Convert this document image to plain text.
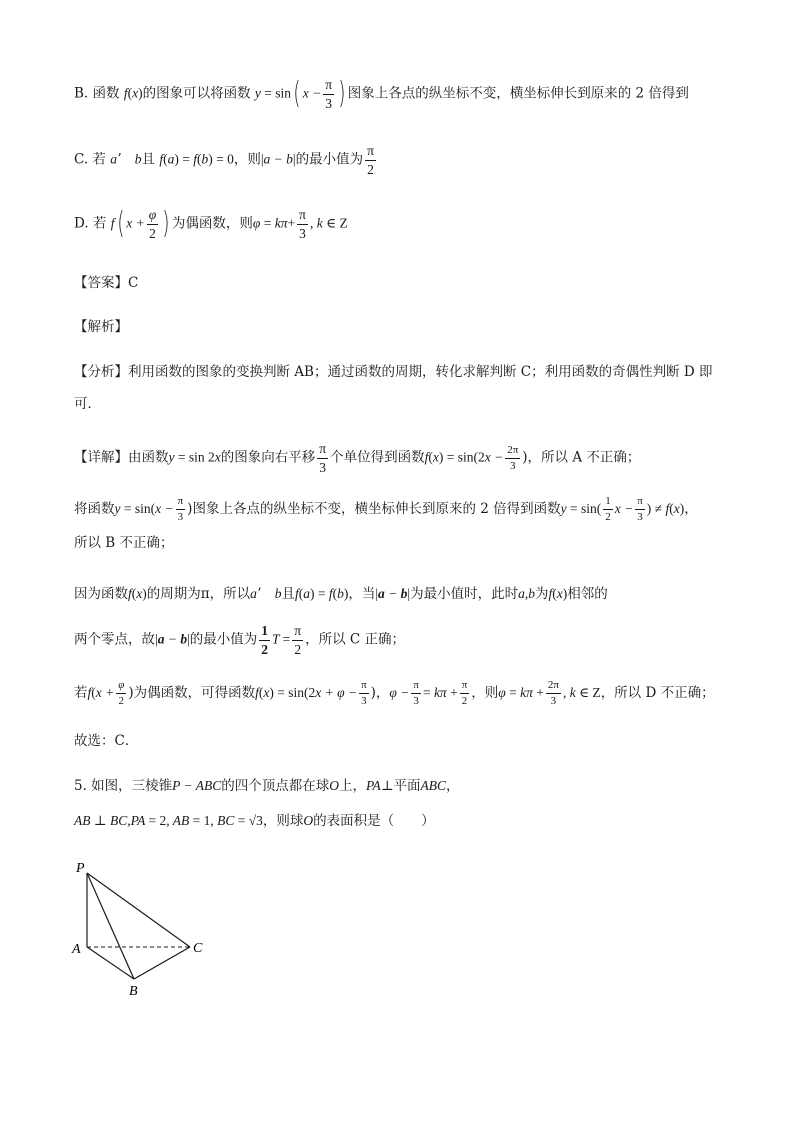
B. 函数 f(x)的图象可以将函数 y = sin( $x - \frac{\pi}{3}$ ) 图象上各点的纵坐标不变，横坐标伸长到原来的 2 倍得到
C. 若 aʼ　b且 f(a) = f(b) = 0，则|a − b|的最小值为 $\frac{\pi}{2}$
D. 若 f( $x + \frac{\varphi}{2}$ ) 为偶函数，则$\varphi = k\pi+ \frac{\pi}{3}$ , k ∈ Z
【答案】C
【解析】
【分析】利用函数的图象的变换判断 AB；通过函数的周期，转化求解判断 C；利用函数的奇偶性判断 D 即
可．
【详解】由函数y = sin 2x的图象向右平移 $\frac{\pi}{3}$ 个单位得到函数$f(x) = \sin(2x - \frac{2\pi}{3}$ )，所以 A 不正确；
将函数$y = \sin(x - \frac{\pi}{3}$ )图象上各点的纵坐标不变，横坐标伸长到原来的 2 倍得到函数$y = \sin( \frac{1}{2}$ $x - \frac{\pi}{3}$ ) ≠ f(x)，
所以 B 不正确；
因为函数f(x)的周期为π，所以aʼ　b且f(a) = f(b)，当|a − b|为最小值时，此时a,b为f(x)相邻的
两个零点，故|a − b|的最小值为 $\frac{1}{2}$ $T = \frac{\pi}{2}$ ，所以 C 正确；
若$f(x + \frac{\varphi}{2}$ )为偶函数，可得函数$f(x) = \sin(2x + \varphi - \frac{\pi}{3}$ )，$\varphi - \frac{\pi}{3} = k\pi + \frac{\pi}{2}$ ，则$\varphi = k\pi + \frac{2\pi}{3}$ , k ∈ Z，所以 D 不正确；
故选：C．
5. 如图，三棱锥P − ABC的四个顶点都在球O上，PA⊥平面ABC，
AB ⊥ BC,PA = 2, AB = 1, BC = √3，则球O的表面积是（　　）
P
A
B
C
